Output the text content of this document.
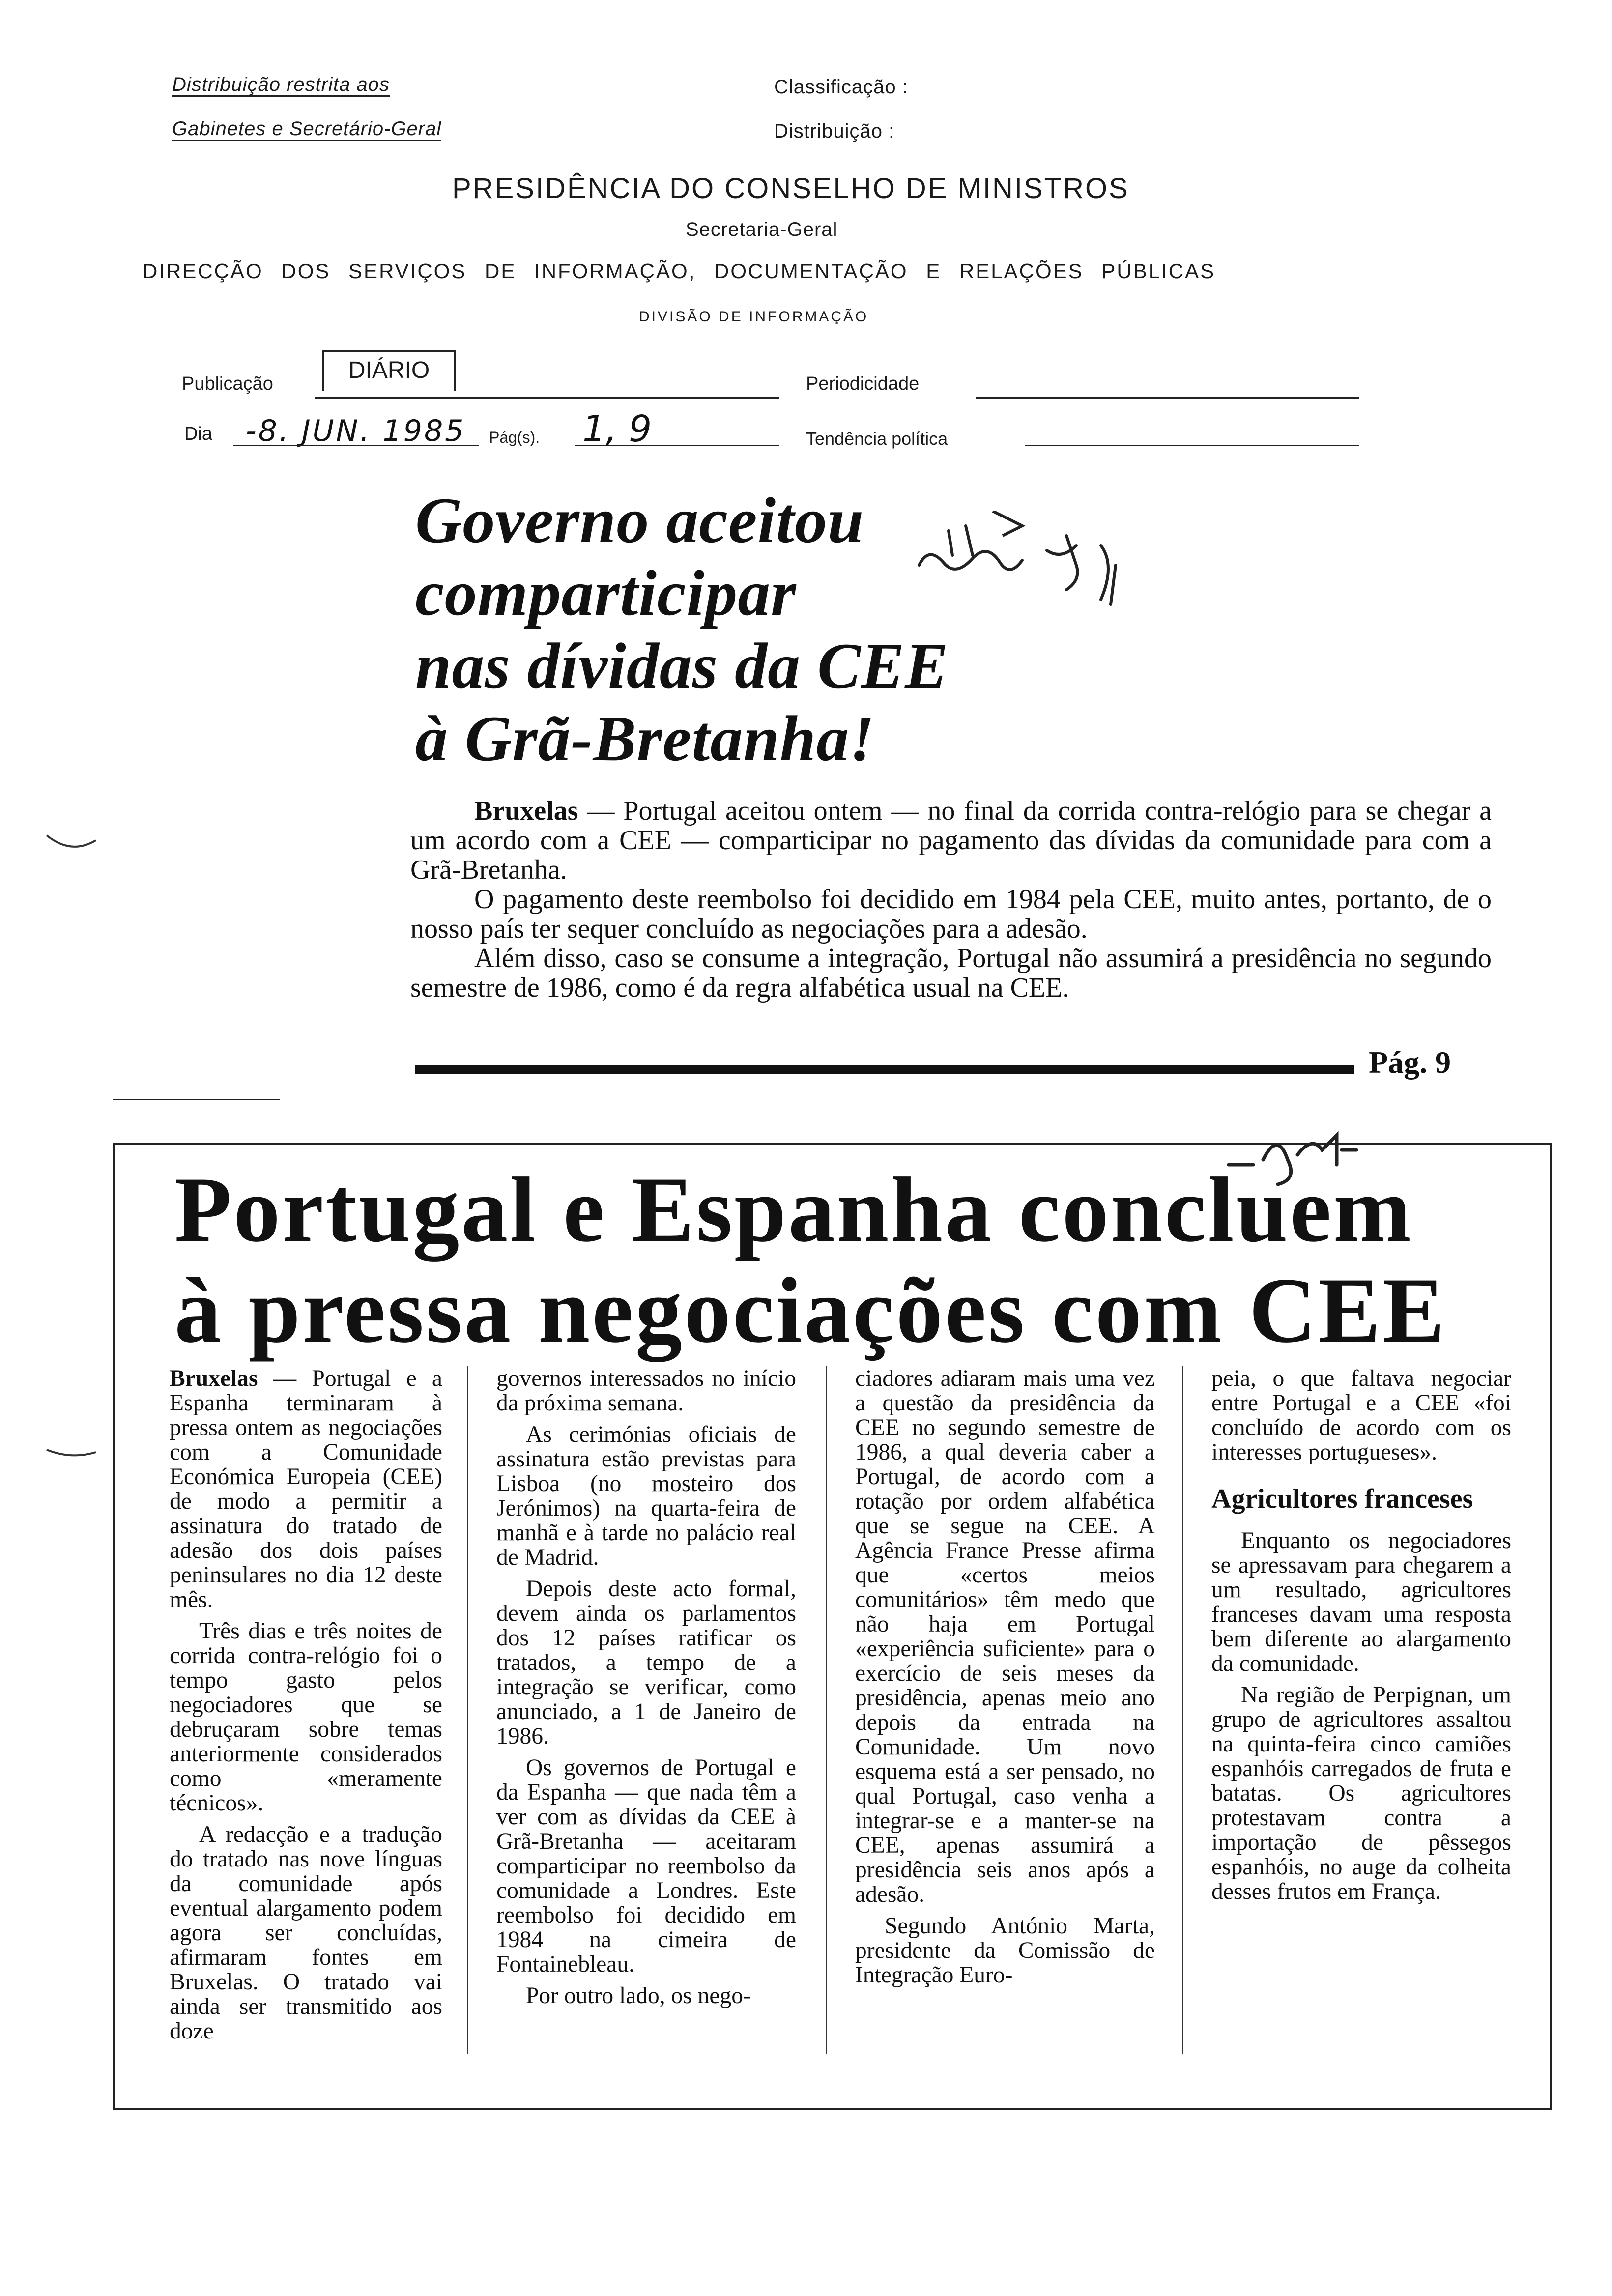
Distribuição restrita aos
Gabinetes e Secretário-Geral
Classificação :
Distribuição :
PRESIDÊNCIA DO CONSELHO DE MINISTROS
Secretaria-Geral
DIRECÇÃO DOS SERVIÇOS DE INFORMAÇÃO, DOCUMENTAÇÃO E RELAÇÕES PÚBLICAS
DIVISÃO DE INFORMAÇÃO
Publicação
DIÁRIO
Periodicidade
Dia -8. JUN. 1985 Pág(s). 1, 9	Tendência política
Governo aceitou
comparticipar
nas dívidas da CEE
à Grã-Bretanha!

Bruxelas — Portugal aceitou ontem — no final da corrida contra-relógio para se chegar a um acordo com a CEE — comparticipar no pagamento das dívidas da comunidade para com a Grã-Bretanha.

O pagamento deste reembolso foi decidido em 1984 pela CEE, muito antes, portanto, de o nosso país ter sequer concluído as negociações para a adesão.

Além disso, caso se consume a integração, Portugal não assumirá a presidência no segundo semestre de 1986, como é da regra alfabética usual na CEE.

Pág. 9
Portugal e Espanha concluem
à pressa negociações com CEE

Bruxelas — Portugal e a Espanha terminaram à pressa ontem as negociações com a Comunidade Económica Europeia (CEE) de modo a permitir a assinatura do tratado de adesão dos dois países peninsulares no dia 12 deste mês.

Três dias e três noites de corrida contra-relógio foi o tempo gasto pelos negociadores que se debruçaram sobre temas anteriormente considerados como «meramente técnicos».

A redacção e a tradução do tratado nas nove línguas da comunidade após eventual alargamento podem agora ser concluídas, afirmaram fontes em Bruxelas. O tratado vai ainda ser transmitido aos doze

governos interessados no início da próxima semana.

As cerimónias oficiais de assinatura estão previstas para Lisboa (no mosteiro dos Jerónimos) na quarta-feira de manhã e à tarde no palácio real de Madrid.

Depois deste acto formal, devem ainda os parlamentos dos 12 países ratificar os tratados, a tempo de a integração se verificar, como anunciado, a 1 de Janeiro de 1986.

Os governos de Portugal e da Espanha — que nada têm a ver com as dívidas da CEE à Grã-Bretanha — aceitaram comparticipar no reembolso da comunidade a Londres. Este reembolso foi decidido em 1984 na cimeira de Fontainebleau.

Por outro lado, os nego-

ciadores adiaram mais uma vez a questão da presidência da CEE no segundo semestre de 1986, a qual deveria caber a Portugal, de acordo com a rotação por ordem alfabética que se segue na CEE. A Agência France Presse afirma que «certos meios comunitários» têm medo que não haja em Portugal «experiência suficiente» para o exercício de seis meses da presidência, apenas meio ano depois da entrada na Comunidade. Um novo esquema está a ser pensado, no qual Portugal, caso venha a integrar-se e a manter-se na CEE, apenas assumirá a presidência seis anos após a adesão.

Segundo António Marta, presidente da Comissão de Integração Euro-

peia, o que faltava negociar entre Portugal e a CEE «foi concluído de acordo com os interesses portugueses».

Agricultores franceses

Enquanto os negociadores se apressavam para chegarem a um resultado, agricultores franceses davam uma resposta bem diferente ao alargamento da comunidade.

Na região de Perpignan, um grupo de agricultores assaltou na quinta-feira cinco camiões espanhóis carregados de fruta e batatas. Os agricultores protestavam contra a importação de pêssegos espanhóis, no auge da colheita desses frutos em França.
